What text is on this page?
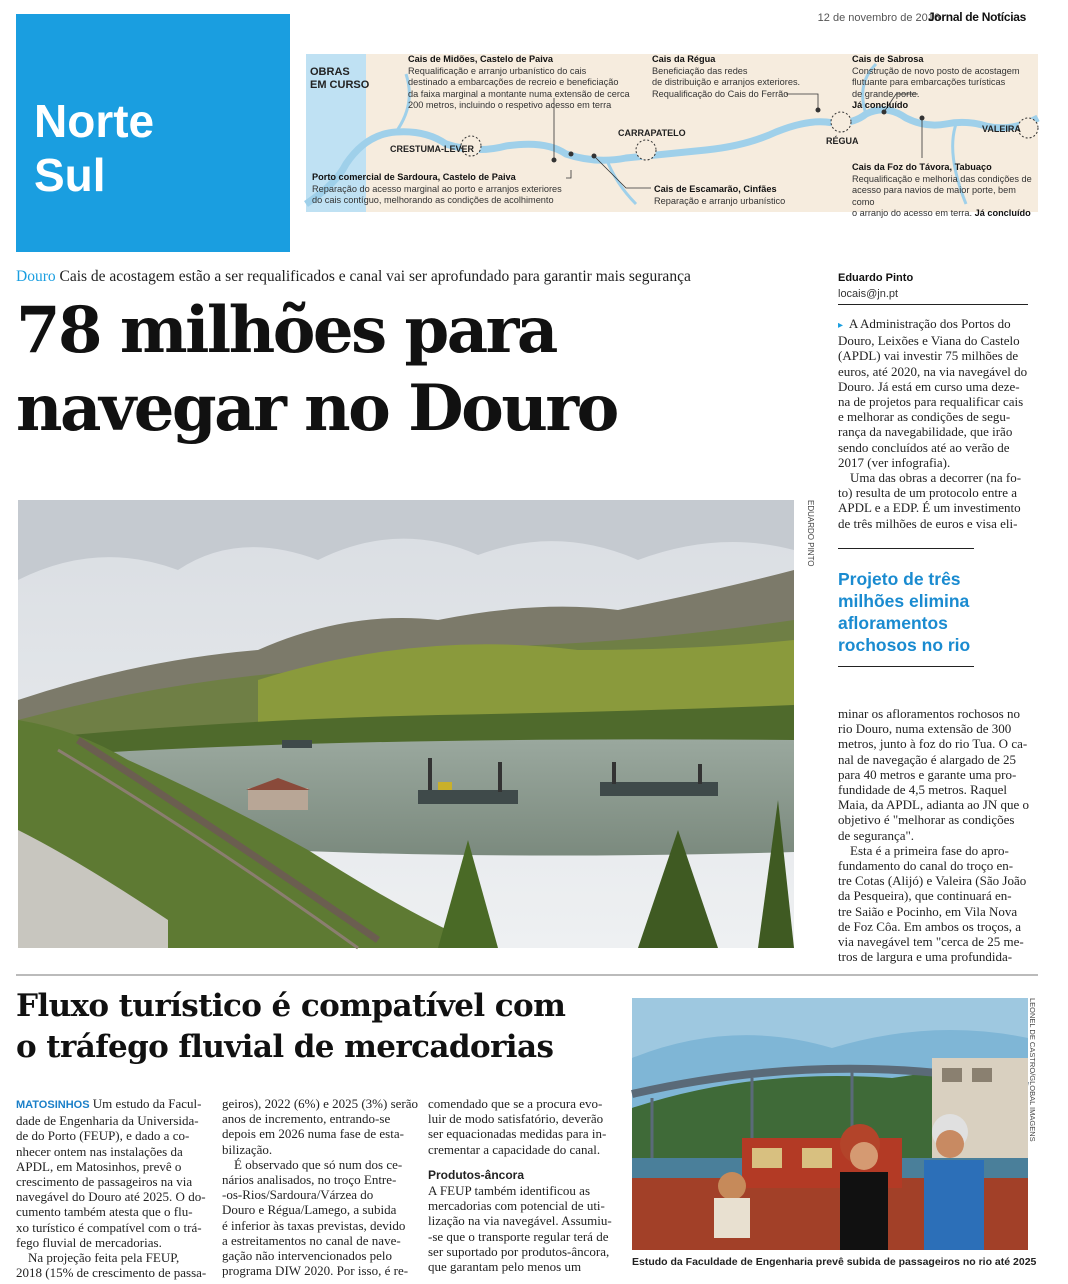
12 de novembro de 2016
Jornal de Notícias
Norte
Sul
OBRAS
EM CURSO
CRESTUMA-LEVER
CARRAPATELO
RÉGUA
VALEIRA
Cais de Midões, Castelo de Paiva
Requalificação e arranjo urbanístico do cais
destinado a embarcações de recreio e beneficiação
da faixa marginal a montante numa extensão de cerca
200 metros, incluindo o respetivo acesso em terra
Cais da Régua
Beneficiação das redes
de distribuição e arranjos exteriores.
Requalificação do Cais do Ferrão
Cais de Sabrosa
Construção de novo posto de acostagem
flutuante para embarcações turísticas
de grande porte.
Já concluído
Porto comercial de Sardoura, Castelo de Paiva
Reparação do acesso marginal ao porto e arranjos exteriores
do cais contíguo, melhorando as condições de acolhimento
Cais de Escamarão, Cinfães
Reparação e arranjo urbanístico
Cais da Foz do Távora, Tabuaço
Requalificação e melhoria das condições de
acesso para navios de maior porte, bem como
o arranjo do acesso em terra. Já concluído
Douro Cais de acostagem estão a ser requalificados e canal vai ser aprofundado para garantir mais segurança
78 milhões para
navegar no Douro
EDUARDO PINTO
Eduardo Pinto
locais@jn.pt
▸ A Administração dos Portos do
Douro, Leixões e Viana do Castelo
(APDL) vai investir 75 milhões de
euros, até 2020, na via navegável do
Douro. Já está em curso uma deze-
na de projetos para requalificar cais
e melhorar as condições de segu-
rança da navegabilidade, que irão
sendo concluídos até ao verão de
2017 (ver infografia).
Uma das obras a decorrer (na fo-
to) resulta de um protocolo entre a
APDL e a EDP. É um investimento
de três milhões de euros e visa eli-
Projeto de três
milhões elimina
afloramentos
rochosos no rio
minar os afloramentos rochosos no
rio Douro, numa extensão de 300
metros, junto à foz do rio Tua. O ca-
nal de navegação é alargado de 25
para 40 metros e garante uma pro-
fundidade de 4,5 metros. Raquel
Maia, da APDL, adianta ao JN que o
objetivo é "melhorar as condições
de segurança".
Esta é a primeira fase do apro-
fundamento do canal do troço en-
tre Cotas (Alijó) e Valeira (São João
da Pesqueira), que continuará en-
tre Saião e Pocinho, em Vila Nova
de Foz Côa. Em ambos os troços, a
via navegável tem "cerca de 25 me-
tros de largura e uma profundida-
Fluxo turístico é compatível com
o tráfego fluvial de mercadorias
MATOSINHOS Um estudo da Facul-
dade de Engenharia da Universida-
de do Porto (FEUP), e dado a co-
nhecer ontem nas instalações da
APDL, em Matosinhos, prevê o
crescimento de passageiros na via
navegável do Douro até 2025. O do-
cumento também atesta que o flu-
xo turístico é compatível com o trá-
fego fluvial de mercadorias.
Na projeção feita pela FEUP,
2018 (15% de crescimento de passa-
geiros), 2022 (6%) e 2025 (3%) serão
anos de incremento, entrando-se
depois em 2026 numa fase de esta-
bilização.
É observado que só num dos ce-
nários analisados, no troço Entre-
-os-Rios/Sardoura/Várzea do
Douro e Régua/Lamego, a subida
é inferior às taxas previstas, devido
a estreitamentos no canal de nave-
gação não intervencionados pelo
programa DIW 2020. Por isso, é re-
comendado que se a procura evo-
luir de modo satisfatório, deverão
ser equacionadas medidas para in-
crementar a capacidade do canal.
Produtos-âncora
A FEUP também identificou as
mercadorias com potencial de uti-
lização na via navegável. Assumiu-
-se que o transporte regular terá de
ser suportado por produtos-âncora,
que garantam pelo menos um
LEONEL DE CASTRO/GLOBAL IMAGENS
Estudo da Faculdade de Engenharia prevê subida de passageiros no rio até 2025
